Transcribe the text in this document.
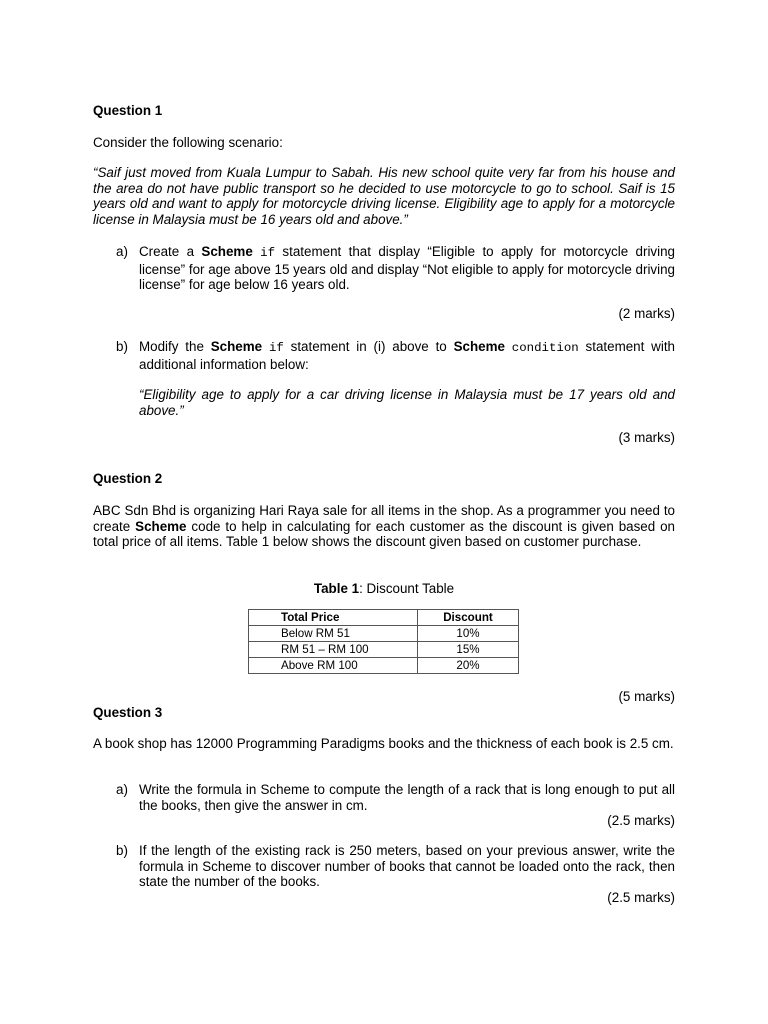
Question 1

Consider the following scenario:

“Saif just moved from Kuala Lumpur to Sabah. His new school quite very far from his house and the area do not have public transport so he decided to use motorcycle to go to school. Saif is 15 years old and want to apply for motorcycle driving license. Eligibility age to apply for a motorcycle license in Malaysia must be 16 years old and above.”

a) Create a Scheme if statement that display “Eligible to apply for motorcycle driving license” for age above 15 years old and display “Not eligible to apply for motorcycle driving license” for age below 16 years old.

(2 marks)

b) Modify the Scheme if statement in (i) above to Scheme condition statement with additional information below:

“Eligibility age to apply for a car driving license in Malaysia must be 17 years old and above.”

(3 marks)

Question 2

ABC Sdn Bhd is organizing Hari Raya sale for all items in the shop. As a programmer you need to create Scheme code to help in calculating for each customer as the discount is given based on total price of all items. Table 1 below shows the discount given based on customer purchase.

Table 1: Discount Table

Total Price	Discount
Below RM 51	10%
RM 51 – RM 100	15%
Above RM 100	20%

(5 marks)

Question 3

A book shop has 12000 Programming Paradigms books and the thickness of each book is 2.5 cm.

a) Write the formula in Scheme to compute the length of a rack that is long enough to put all the books, then give the answer in cm.

(2.5 marks)

b) If the length of the existing rack is 250 meters, based on your previous answer, write the formula in Scheme to discover number of books that cannot be loaded onto the rack, then state the number of the books.

(2.5 marks)
